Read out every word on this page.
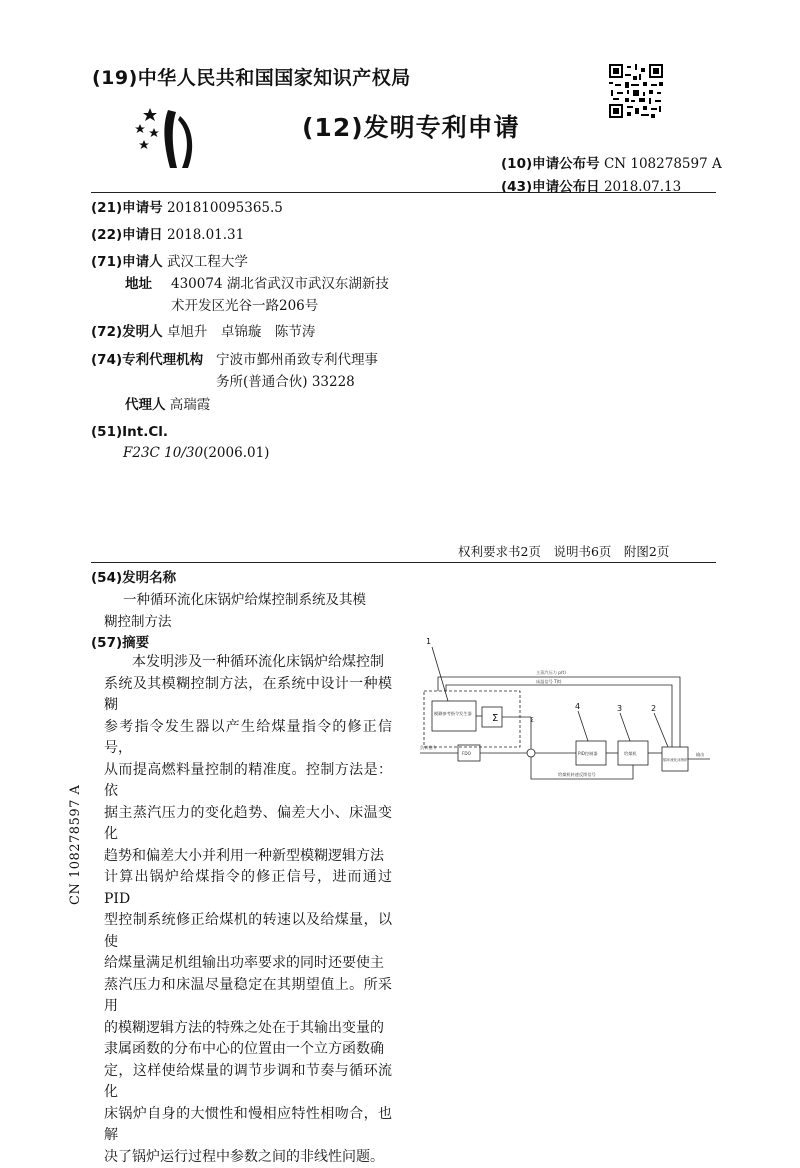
(19)中华人民共和国国家知识产权局
(12)发明专利申请
(10)申请公布号 CN 108278597 A
(43)申请公布日 2018.07.13
(21)申请号 201810095365.5
(22)申请日 2018.01.31
(71)申请人 武汉工程大学
地址 430074 湖北省武汉市武汉东湖新技
术开发区光谷一路206号
(72)发明人 卓旭升　卓锦璇　陈节涛
(74)专利代理机构 宁波市鄞州甬致专利代理事
务所(普通合伙) 33228
代理人 高瑞霞
(51)Int.Cl.
F23C 10/30(2006.01)
权利要求书2页　说明书6页　附图2页
(54)发明名称
一种循环流化床锅炉给煤控制系统及其模
糊控制方法
(57)摘要
　　本发明涉及一种循环流化床锅炉给煤控制
系统及其模糊控制方法，在系统中设计一种模糊
参考指令发生器以产生给煤量指令的修正信号，
从而提高燃料量控制的精准度。控制方法是：依
据主蒸汽压力的变化趋势、偏差大小、床温变化
趋势和偏差大小并利用一种新型模糊逻辑方法
计算出锅炉给煤指令的修正信号，进而通过PID
型控制系统修正给煤机的转速以及给煤量，以使
给煤量满足机组输出功率要求的同时还要使主
蒸汽压力和床温尽量稳定在其期望值上。所采用
的模糊逻辑方法的特殊之处在于其输出变量的
隶属函数的分布中心的位置由一个立方函数确
定，这样使给煤量的调节步调和节奏与循环流化
床锅炉自身的大惯性和慢相应特性相吻合，也解
决了锅炉运行过程中参数之间的非线性问题。
CN 108278597 A
1
4	3	2
Σ
模糊参考指令发生器
PID控制器	给煤机
循环流化床锅炉
主蒸汽压力 p(t)
床温信号 T(t)
负荷指令
FDO	输出
给煤机转速反馈信号
Σ
